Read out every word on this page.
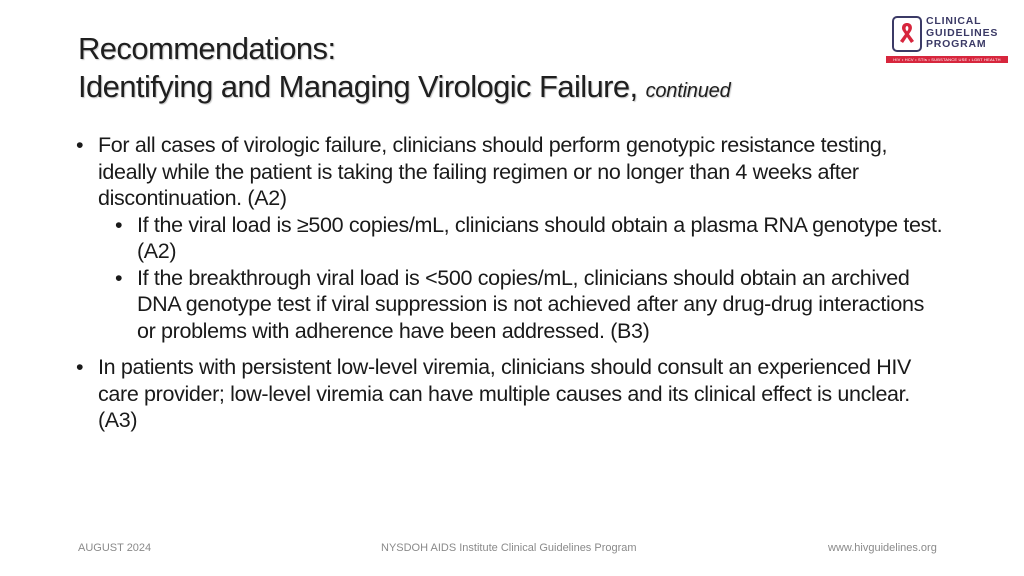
Recommendations:
Identifying and Managing Virologic Failure, continued
CLINICAL
GUIDELINES
PROGRAM
HIV • HCV • STIs • SUBSTANCE USE • LGBT HEALTH
• For all cases of virologic failure, clinicians should perform genotypic resistance testing, ideally while the patient is taking the failing regimen or no longer than 4 weeks after discontinuation. (A2)
• If the viral load is ≥500 copies/mL, clinicians should obtain a plasma RNA genotype test. (A2)
• If the breakthrough viral load is <500 copies/mL, clinicians should obtain an archived DNA genotype test if viral suppression is not achieved after any drug-drug interactions or problems with adherence have been addressed. (B3)
• In patients with persistent low-level viremia, clinicians should consult an experienced HIV care provider; low-level viremia can have multiple causes and its clinical effect is unclear. (A3)
AUGUST 2024	NYSDOH AIDS Institute Clinical Guidelines Program	www.hivguidelines.org
